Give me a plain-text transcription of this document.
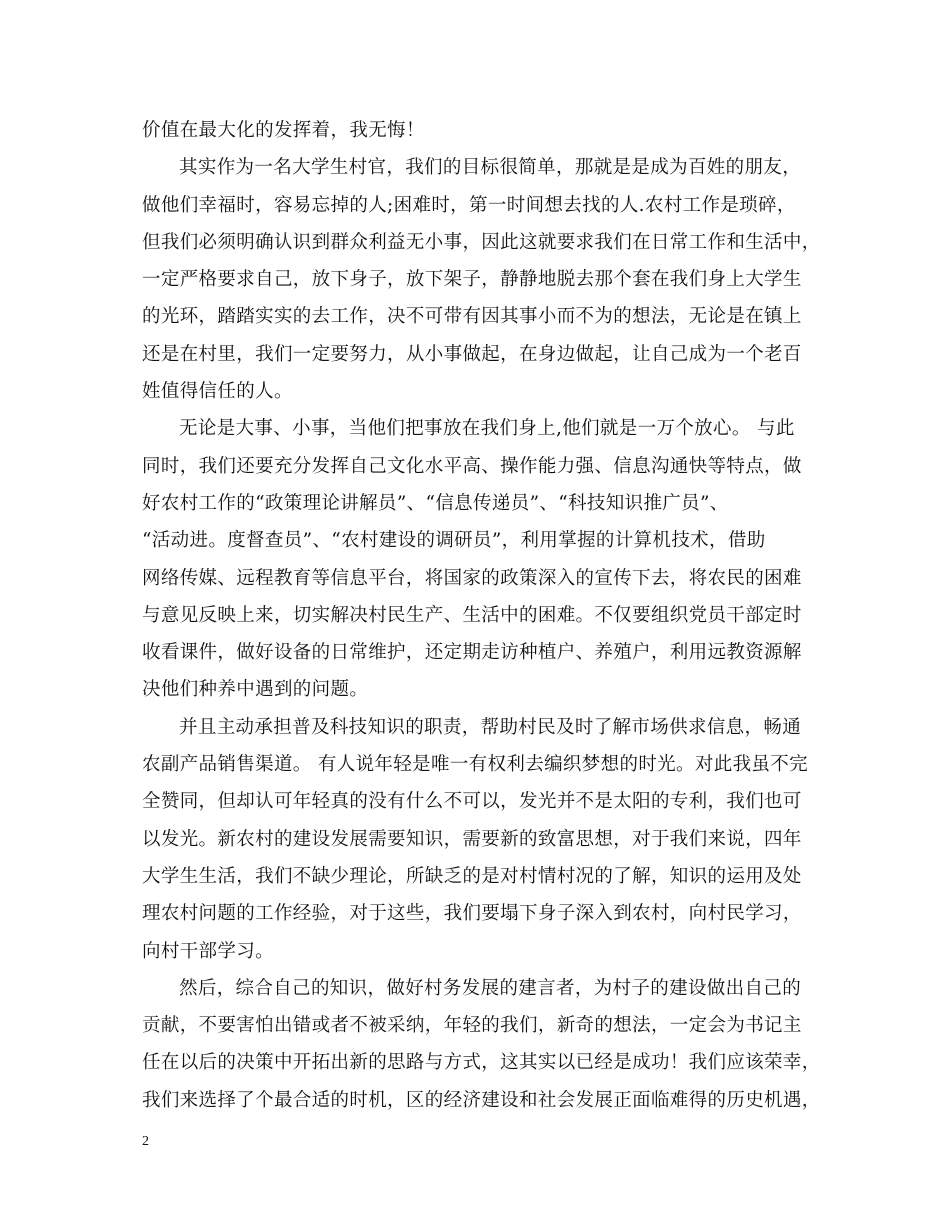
价值在最大化的发挥着，我无悔！
其实作为一名大学生村官，我们的目标很简单，那就是是成为百姓的朋友，
做他们幸福时，容易忘掉的人;困难时，第一时间想去找的人.农村工作是琐碎，
但我们必须明确认识到群众利益无小事，因此这就要求我们在日常工作和生活中，
一定严格要求自己，放下身子，放下架子，静静地脱去那个套在我们身上大学生
的光环，踏踏实实的去工作，决不可带有因其事小而不为的想法，无论是在镇上
还是在村里，我们一定要努力，从小事做起，在身边做起，让自己成为一个老百
姓值得信任的人。
无论是大事、小事，当他们把事放在我们身上,他们就是一万个放心。 与此
同时，我们还要充分发挥自己文化水平高、操作能力强、信息沟通快等特点，做
好农村工作的“政策理论讲解员”、“信息传递员”、“科技知识推广员”、
“活动进。度督查员”、“农村建设的调研员”，利用掌握的计算机技术，借助
网络传媒、远程教育等信息平台，将国家的政策深入的宣传下去，将农民的困难
与意见反映上来，切实解决村民生产、生活中的困难。不仅要组织党员干部定时
收看课件，做好设备的日常维护，还定期走访种植户、养殖户，利用远教资源解
决他们种养中遇到的问题。
并且主动承担普及科技知识的职责，帮助村民及时了解市场供求信息，畅通
农副产品销售渠道。 有人说年轻是唯一有权利去编织梦想的时光。对此我虽不完
全赞同，但却认可年轻真的没有什么不可以，发光并不是太阳的专利，我们也可
以发光。新农村的建设发展需要知识，需要新的致富思想，对于我们来说，四年
大学生生活，我们不缺少理论，所缺乏的是对村情村况的了解，知识的运用及处
理农村问题的工作经验，对于这些，我们要塌下身子深入到农村，向村民学习，
向村干部学习。
然后，综合自己的知识，做好村务发展的建言者，为村子的建设做出自己的
贡献，不要害怕出错或者不被采纳，年轻的我们，新奇的想法，一定会为书记主
任在以后的决策中开拓出新的思路与方式，这其实以已经是成功！我们应该荣幸，
我们来选择了个最合适的时机，区的经济建设和社会发展正面临难得的历史机遇，
2
